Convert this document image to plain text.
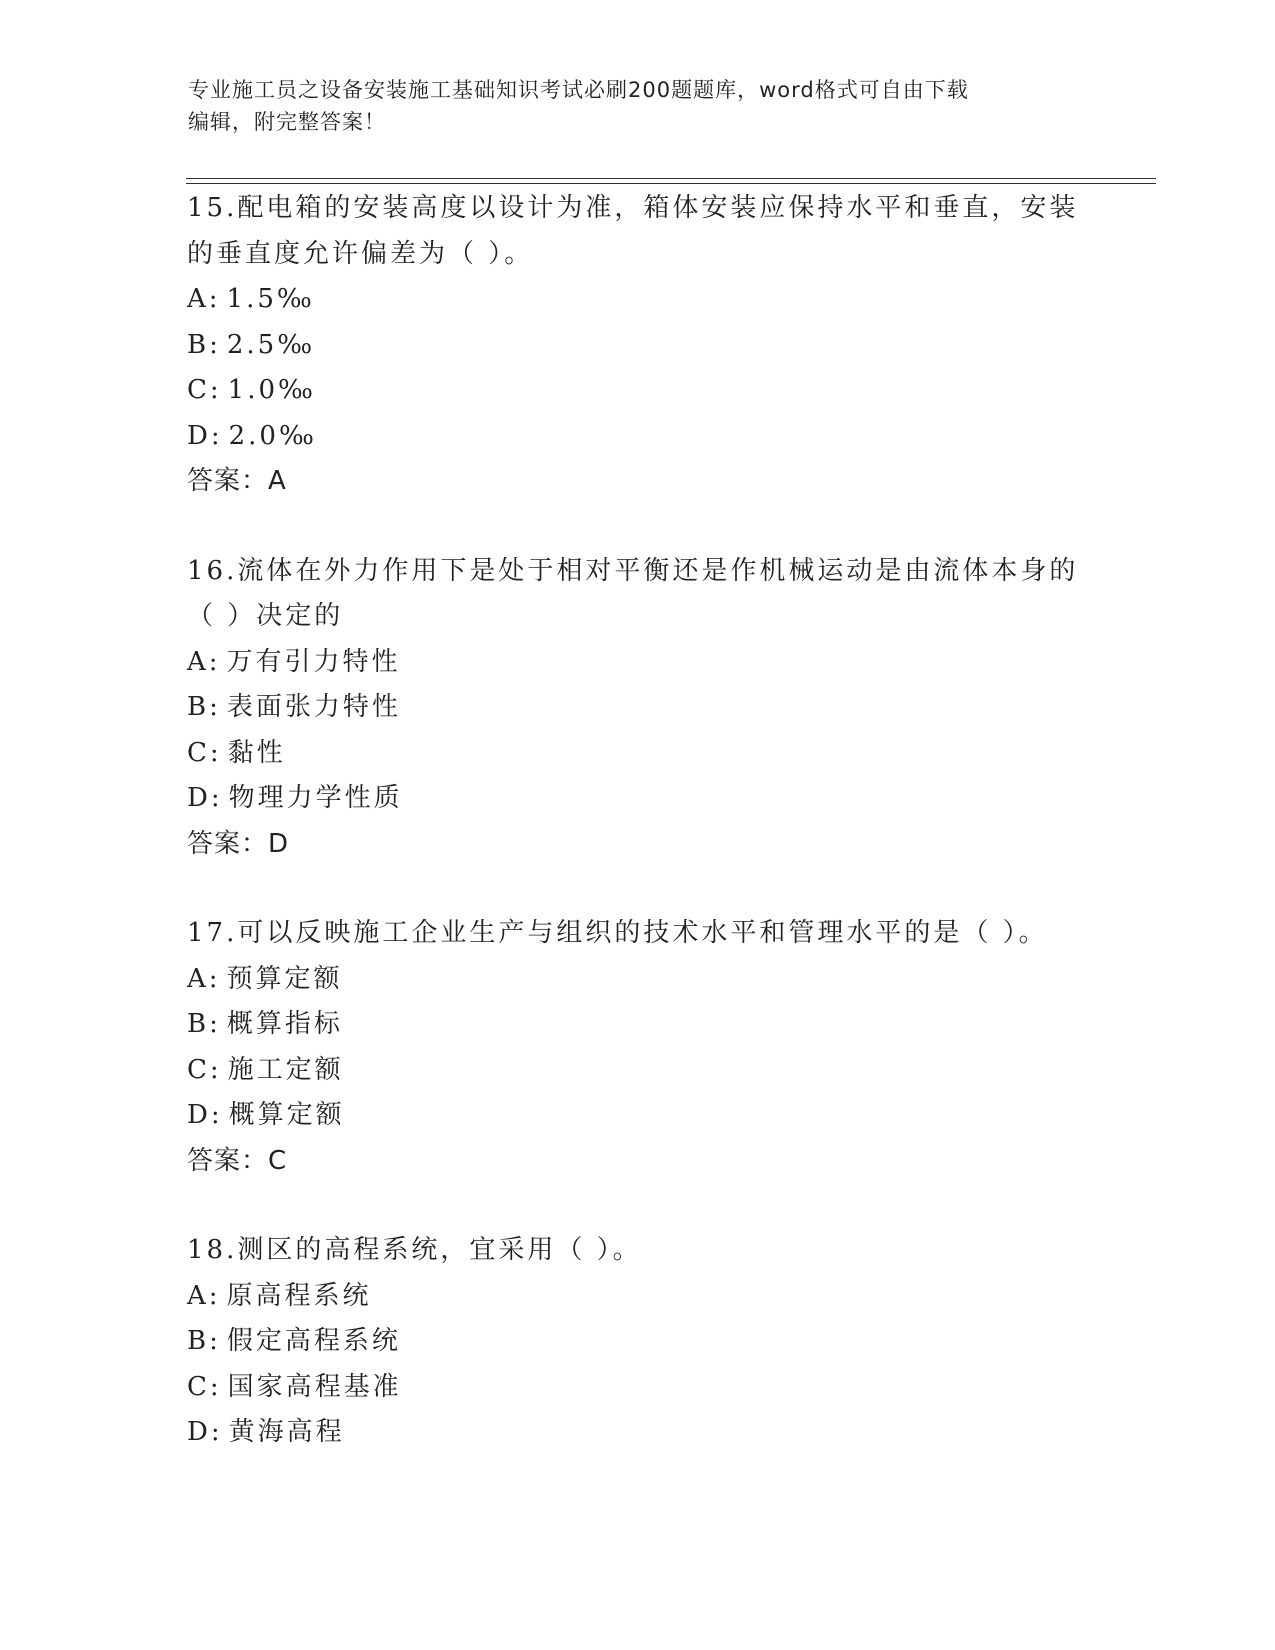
专业施工员之设备安装施工基础知识考试必刷200题题库，word格式可自由下载
编辑，附完整答案！
15.配电箱的安装高度以设计为准，箱体安装应保持水平和垂直，安装
的垂直度允许偏差为（ ）。
A: 1.5‰
B: 2.5‰
C: 1.0‰
D: 2.0‰
答案：A
16.流体在外力作用下是处于相对平衡还是作机械运动是由流体本身的
（ ）决定的
A: 万有引力特性
B: 表面张力特性
C: 黏性
D: 物理力学性质
答案：D
17.可以反映施工企业生产与组织的技术水平和管理水平的是（ ）。
A: 预算定额
B: 概算指标
C: 施工定额
D: 概算定额
答案：C
18.测区的高程系统，宜采用（ ）。
A: 原高程系统
B: 假定高程系统
C: 国家高程基准
D: 黄海高程
